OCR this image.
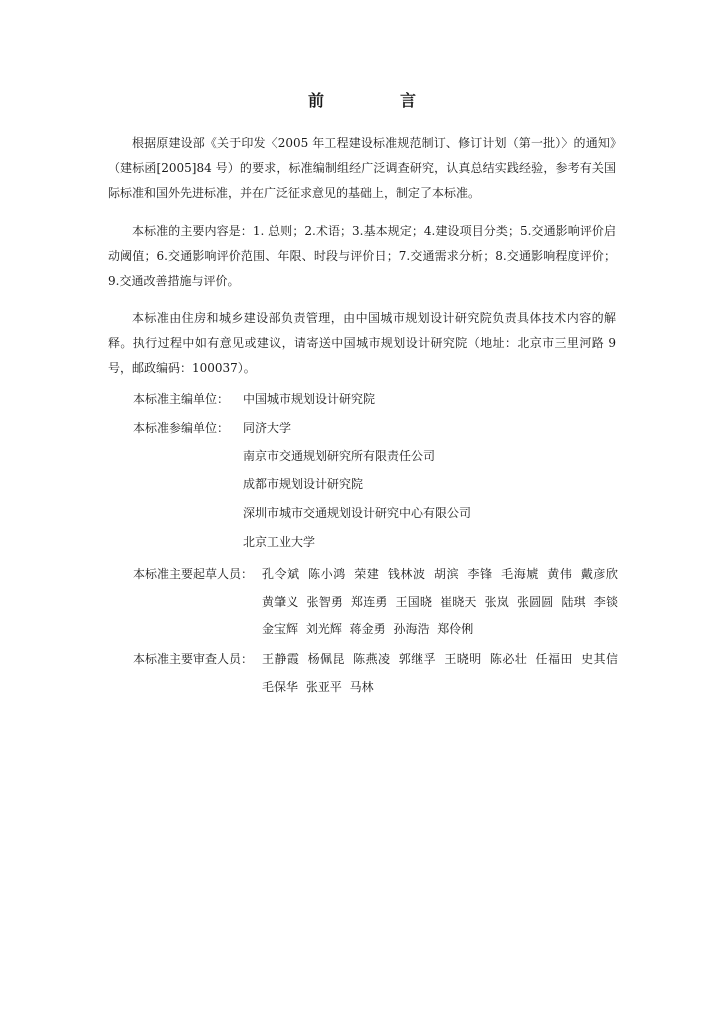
前　言
根据原建设部《关于印发〈2005 年工程建设标准规范制订、修订计划（第一批）〉的通知》（建标函[2005]84 号）的要求，标准编制组经广泛调查研究，认真总结实践经验，参考有关国际标准和国外先进标准，并在广泛征求意见的基础上，制定了本标准。
本标准的主要内容是：1. 总则；2.术语；3.基本规定；4.建设项目分类；5.交通影响评价启动阈值；6.交通影响评价范围、年限、时段与评价日；7.交通需求分析；8.交通影响程度评价；9.交通改善措施与评价。
本标准由住房和城乡建设部负责管理，由中国城市规划设计研究院负责具体技术内容的解释。执行过程中如有意见或建议，请寄送中国城市规划设计研究院（地址：北京市三里河路 9 号，邮政编码：100037）。
本标准主编单位： 中国城市规划设计研究院
本标准参编单位： 同济大学
南京市交通规划研究所有限责任公司
成都市规划设计研究院
深圳市城市交通规划设计研究中心有限公司
北京工业大学
本标准主要起草人员： 孔令斌 陈小鸿 荣建 钱林波 胡滨 李锋 毛海虓 黄伟 戴彦欣 黄肇义 张智勇 郑连勇 王国晓 崔晓天 张岚 张圆圆 陆琪 李锬 金宝辉 刘光辉 蒋金勇 孙海浩 郑伶俐
本标准主要审查人员： 王静霞 杨佩昆 陈燕凌 郭继孚 王晓明 陈必壮 任福田 史其信 毛保华 张亚平 马林
